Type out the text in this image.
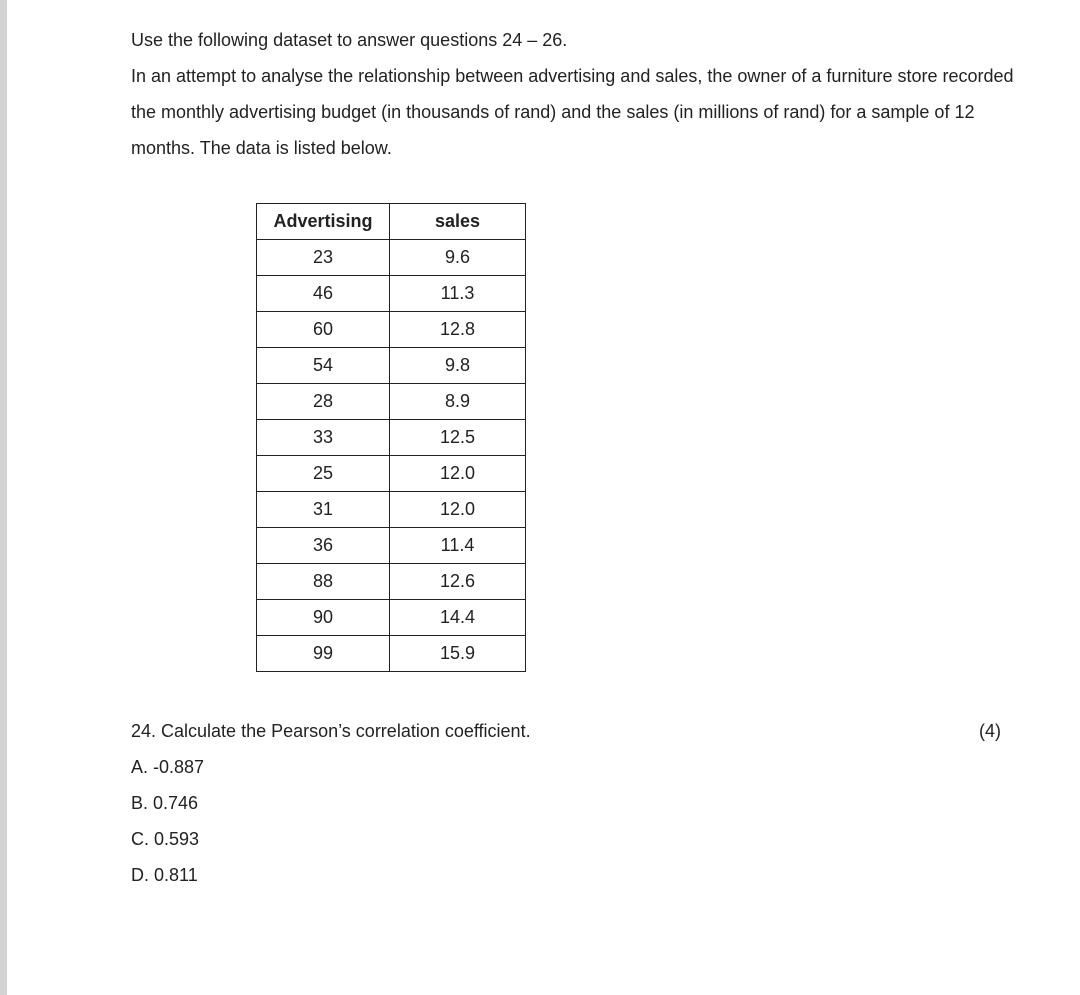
Use the following dataset to answer questions 24 – 26.

In an attempt to analyse the relationship between advertising and sales, the owner of a furniture store recorded the monthly advertising budget (in thousands of rand) and the sales (in millions of rand) for a sample of 12 months. The data is listed below.

Advertising	sales
23	9.6
46	11.3
60	12.8
54	9.8
28	8.9
33	12.5
25	12.0
31	12.0
36	11.4
88	12.6
90	14.4
99	15.9
24. Calculate the Pearson’s correlation coefficient.	(4)
A. -0.887
B. 0.746
C. 0.593
D. 0.811
